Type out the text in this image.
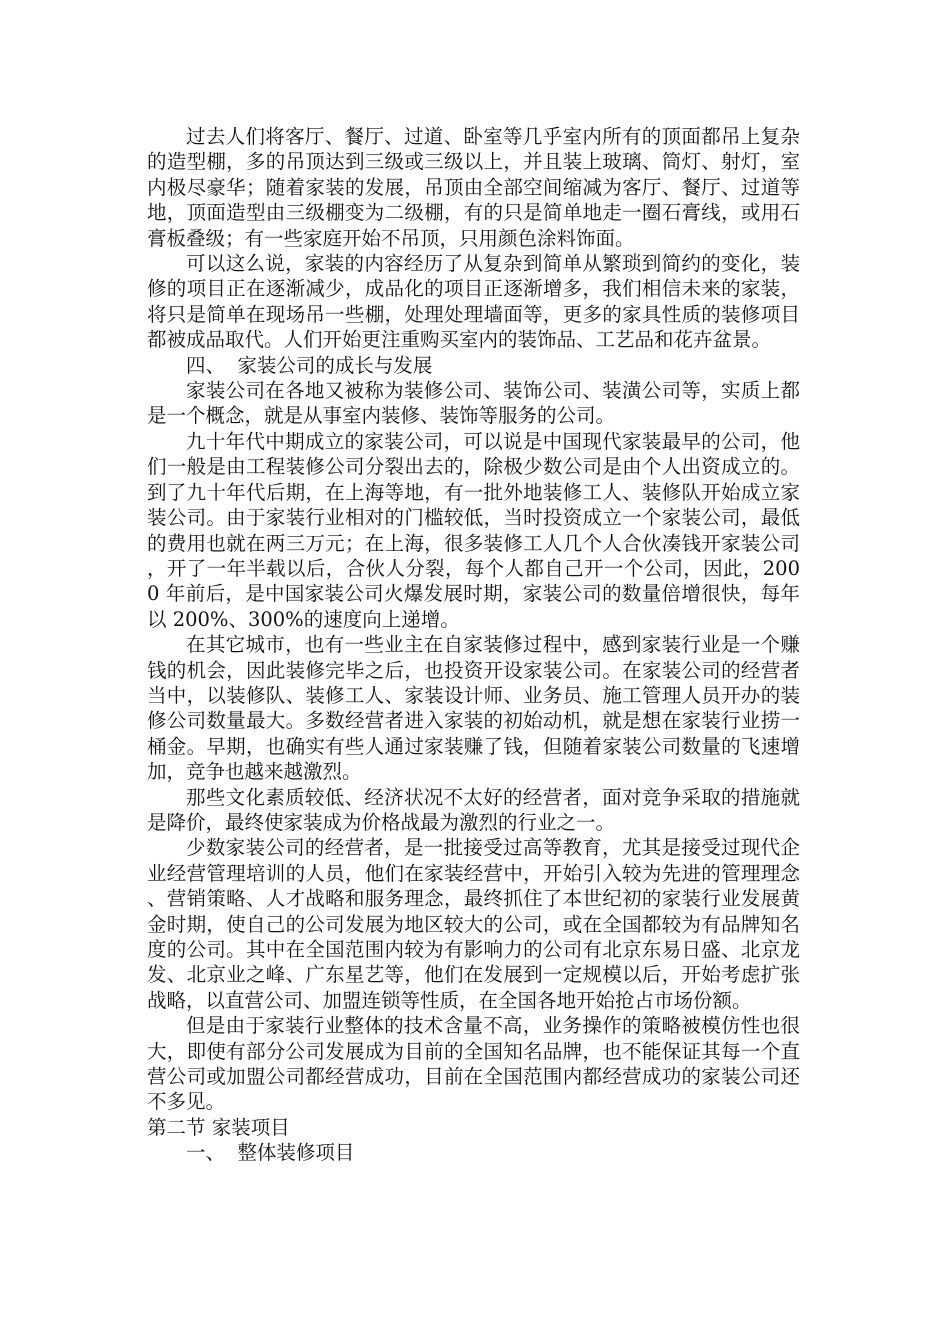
过去人们将客厅、餐厅、过道、卧室等几乎室内所有的顶面都吊上复杂的造型棚，多的吊顶达到三级或三级以上，并且装上玻璃、筒灯、射灯，室内极尽豪华；随着家装的发展，吊顶由全部空间缩减为客厅、餐厅、过道等地，顶面造型由三级棚变为二级棚，有的只是简单地走一圈石膏线，或用石膏板叠级；有一些家庭开始不吊顶，只用颜色涂料饰面。

可以这么说，家装的内容经历了从复杂到简单从繁琐到简约的变化，装修的项目正在逐渐减少，成品化的项目正逐渐增多，我们相信未来的家装，将只是简单在现场吊一些棚，处理处理墙面等，更多的家具性质的装修项目都被成品取代。人们开始更注重购买室内的装饰品、工艺品和花卉盆景。

四、  家装公司的成长与发展

家装公司在各地又被称为装修公司、装饰公司、装潢公司等，实质上都是一个概念，就是从事室内装修、装饰等服务的公司。

九十年代中期成立的家装公司，可以说是中国现代家装最早的公司，他们一般是由工程装修公司分裂出去的，除极少数公司是由个人出资成立的。到了九十年代后期，在上海等地，有一批外地装修工人、装修队开始成立家装公司。由于家装行业相对的门槛较低，当时投资成立一个家装公司，最低的费用也就在两三万元；在上海，很多装修工人几个人合伙凑钱开家装公司，开了一年半载以后，合伙人分裂，每个人都自己开一个公司，因此，2000 年前后，是中国家装公司火爆发展时期，家装公司的数量倍增很快，每年以 200%、300%的速度向上递增。

在其它城市，也有一些业主在自家装修过程中，感到家装行业是一个赚钱的机会，因此装修完毕之后，也投资开设家装公司。在家装公司的经营者当中，以装修队、装修工人、家装设计师、业务员、施工管理人员开办的装修公司数量最大。多数经营者进入家装的初始动机，就是想在家装行业捞一桶金。早期，也确实有些人通过家装赚了钱，但随着家装公司数量的飞速增加，竞争也越来越激烈。

那些文化素质较低、经济状况不太好的经营者，面对竞争采取的措施就是降价，最终使家装成为价格战最为激烈的行业之一。

少数家装公司的经营者，是一批接受过高等教育，尤其是接受过现代企业经营管理培训的人员，他们在家装经营中，开始引入较为先进的管理理念、营销策略、人才战略和服务理念，最终抓住了本世纪初的家装行业发展黄金时期，使自己的公司发展为地区较大的公司，或在全国都较为有品牌知名度的公司。其中在全国范围内较为有影响力的公司有北京东易日盛、北京龙发、北京业之峰、广东星艺等，他们在发展到一定规模以后，开始考虑扩张战略，以直营公司、加盟连锁等性质，在全国各地开始抢占市场份额。

但是由于家装行业整体的技术含量不高，业务操作的策略被模仿性也很大，即使有部分公司发展成为目前的全国知名品牌，也不能保证其每一个直营公司或加盟公司都经营成功，目前在全国范围内都经营成功的家装公司还不多见。

第二节 家装项目

一、  整体装修项目
